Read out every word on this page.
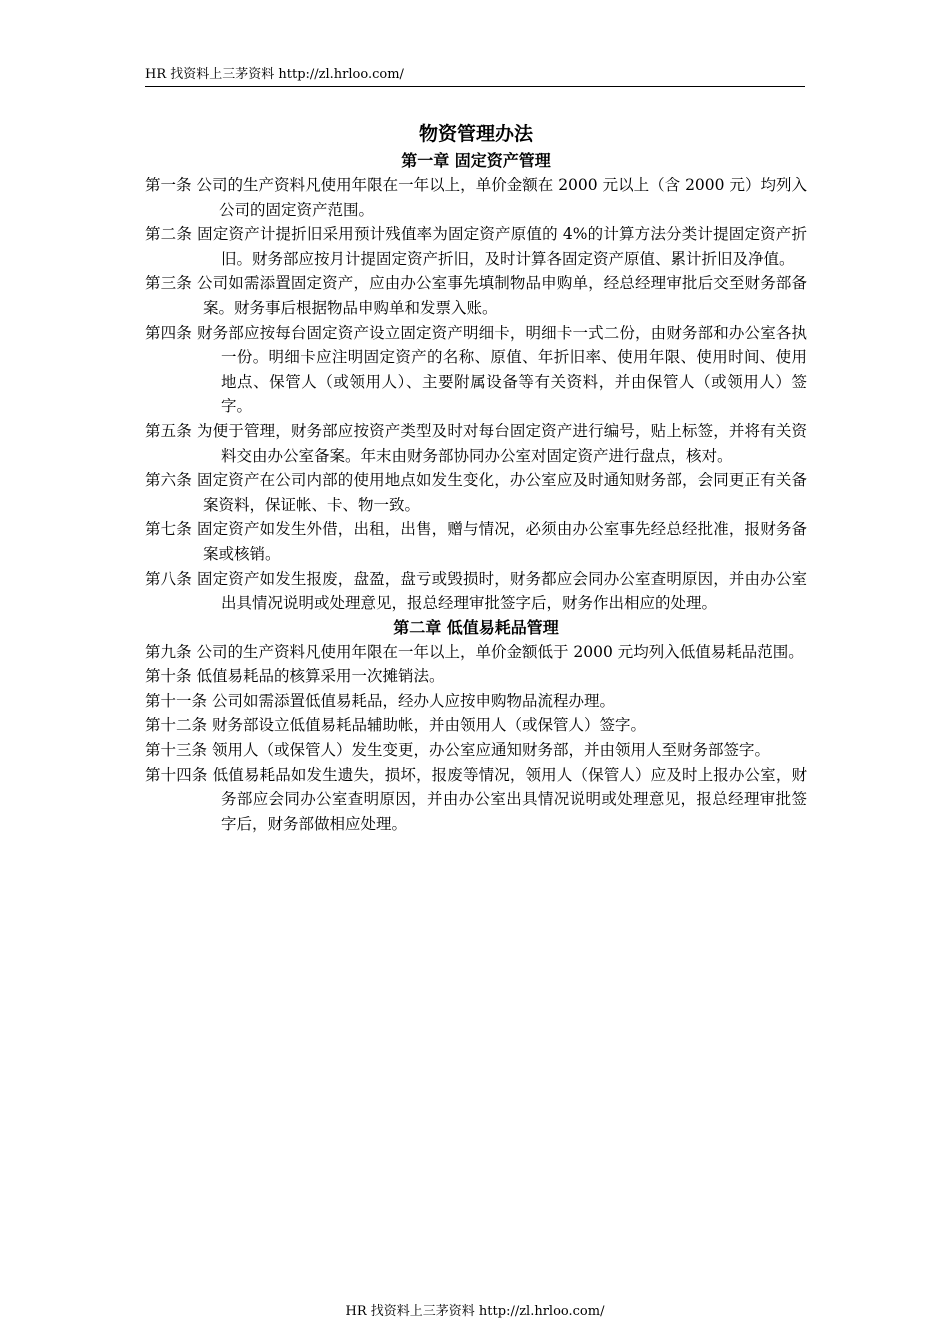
HR 找资料上三茅资料 http://zl.hrloo.com/
物资管理办法
第一章 固定资产管理
第一条 公司的生产资料凡使用年限在一年以上，单价金额在 2000 元以上（含 2000 元）均列入公司的固定资产范围。
第二条 固定资产计提折旧采用预计残值率为固定资产原值的 4%的计算方法分类计提固定资产折旧。财务部应按月计提固定资产折旧，及时计算各固定资产原值、累计折旧及净值。
第三条 公司如需添置固定资产，应由办公室事先填制物品申购单，经总经理审批后交至财务部备案。财务事后根据物品申购单和发票入账。
第四条 财务部应按每台固定资产设立固定资产明细卡，明细卡一式二份，由财务部和办公室各执一份。明细卡应注明固定资产的名称、原值、年折旧率、使用年限、使用时间、使用地点、保管人（或领用人）、主要附属设备等有关资料，并由保管人（或领用人）签字。
第五条 为便于管理，财务部应按资产类型及时对每台固定资产进行编号，贴上标签，并将有关资料交由办公室备案。年末由财务部协同办公室对固定资产进行盘点，核对。
第六条 固定资产在公司内部的使用地点如发生变化，办公室应及时通知财务部，会同更正有关备案资料，保证帐、卡、物一致。
第七条 固定资产如发生外借，出租，出售，赠与情况，必须由办公室事先经总经批准，报财务备案或核销。
第八条 固定资产如发生报废，盘盈，盘亏或毁损时，财务都应会同办公室查明原因，并由办公室出具情况说明或处理意见，报总经理审批签字后，财务作出相应的处理。
第二章 低值易耗品管理
第九条 公司的生产资料凡使用年限在一年以上，单价金额低于 2000 元均列入低值易耗品范围。
第十条 低值易耗品的核算采用一次摊销法。
第十一条 公司如需添置低值易耗品，经办人应按申购物品流程办理。
第十二条 财务部设立低值易耗品辅助帐，并由领用人（或保管人）签字。
第十三条 领用人（或保管人）发生变更，办公室应通知财务部，并由领用人至财务部签字。
第十四条 低值易耗品如发生遗失，损坏，报废等情况，领用人（保管人）应及时上报办公室，财务部应会同办公室查明原因，并由办公室出具情况说明或处理意见，报总经理审批签字后，财务部做相应处理。
HR 找资料上三茅资料 http://zl.hrloo.com/
